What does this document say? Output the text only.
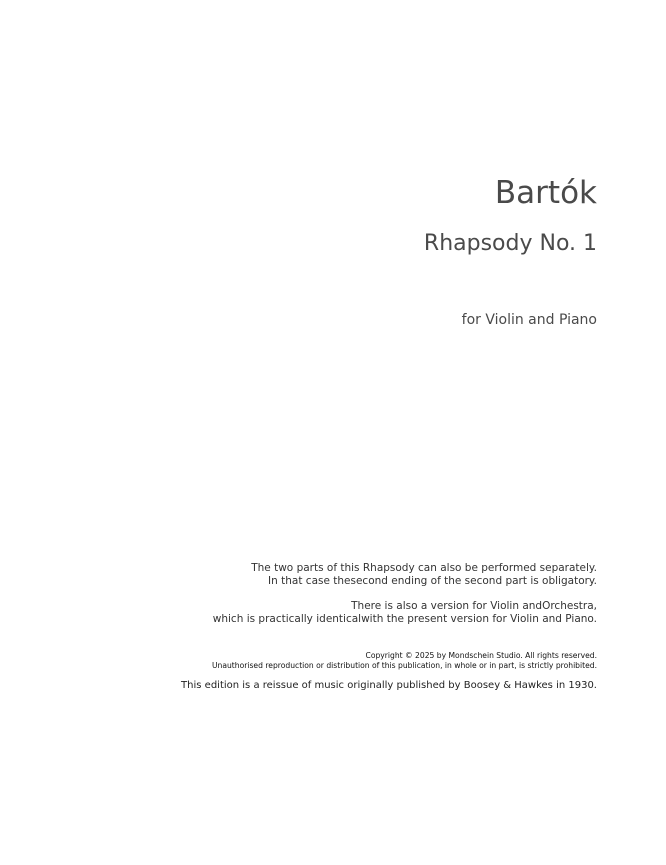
Bartók
Rhapsody No. 1
for Violin and Piano

The two parts of this Rhapsody can also be performed separately.

In that case thesecond ending of the second part is obligatory.

There is also a version for Violin andOrchestra,

which is practically identicalwith the present version for Violin and Piano.

Copyright © 2025 by Mondschein Studio. All rights reserved.

Unauthorised reproduction or distribution of this publication, in whole or in part, is strictly prohibited.

This edition is a reissue of music originally published by Boosey & Hawkes in 1930.
